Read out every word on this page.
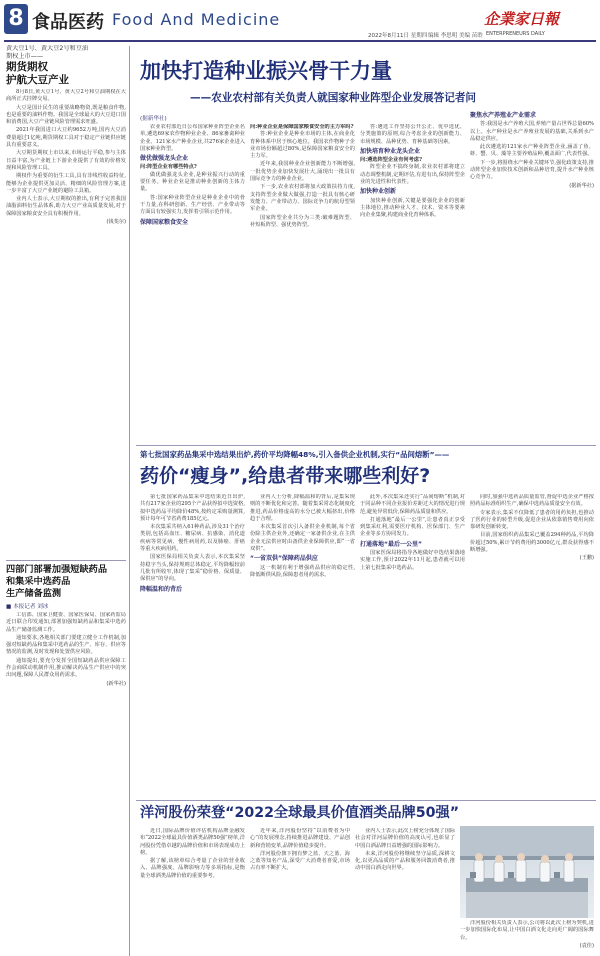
8 食品医药 Food And Medicine	企業家日報
2022年8月11日 星期四 编辑 李思明 美编 苗聆 ENTERPRENEURS DAILY
黄大豆1号、黄大豆2号和豆油
期权上市——
期货期权
护航大豆产业

8月8日,黄大豆1号、黄大豆2号和豆油期权在大商所正式挂牌交易。

大豆是国计民生的重要战略物资,既是粮食作物,也是重要的油料作物。我国是全球最大的大豆进口国和消费国,大豆产业链风险管理需求旺盛。

2021年我国进口大豆约9652万吨,国内大豆消费量超过1亿吨,期货期权工具对于稳定产业链供应链具有重要意义。

大豆期货期权上市以来,市场运行平稳,参与主体日益丰富,为产业链上下游企业提供了有效的价格发现和风险管理工具。

期权作为重要的衍生工具,具有非线性收益特征,能够为企业提供更加灵活、精细的风险管理方案,进一步丰富了大豆产业链的避险工具箱。

业内人士表示,大豆期权的推出,有利于完善我国油脂油料衍生品体系,助力大豆产业高质量发展,对于保障国家粮食安全具有积极作用。

(钱斐尔)
四部门部署加强短缺药品
和集采中选药品
生产储备监测
■ 本报记者 刘冰

工信部、国家卫健委、国家医保局、国家药监局近日联合印发通知,部署加强短缺药品和集采中选药品生产储备监测工作。

通知要求,各地相关部门要建立健全工作机制,加强对短缺药品和集采中选药品的生产、库存、供应等情况的监测,及时发现和处置供应风险。

通知提出,要充分发挥全国短缺药品供应保障工作会商联动机制作用,推动解决药品生产供应中的突出问题,保障人民群众用药需求。

(新华社)
加快打造种业振兴骨干力量
——农业农村部有关负责人就国家种业阵型企业发展答记者问
(据新华社)

农业农村部近日公布国家种业阵型企业名单,遴选69家农作物种业企业、86家畜禽种业企业、121家水产种业企业,共276家企业进入国家种业阵型。

做优做强龙头企业
问:阵型企业有哪些特点?

做优做强龙头企业,是种业振兴行动的重要任务。种业企业是推动种业创新的主体力量。

答:国家种业阵型企业是种业企业中的骨干力量,在科研创新、生产经营、产业带动等方面具有较强实力,发挥着引领示范作用。

保障国家粮食安全
问:种业企业是保障国家粮食安全的主力军吗?

答:种业企业是种业市场的主体,在商业化育种体系中居于核心地位。我国农作物种子企业市场份额超过80%,是保障国家粮食安全的主力军。

近年来,我国种业企业创新能力不断增强,一批优势企业加快发展壮大,涌现出一批具有国际竞争力的种业企业。

下一步,农业农村部将加大政策扶持力度,支持阵型企业做大做强,打造一批具有核心研发能力、产业带动力、国际竞争力的航母型领军企业。

国家阵型企业共分为三类:破难题阵型、补短板阵型、强优势阵型。

答:遴选工作坚持公开公正、优中选优、分类施策的原则,综合考虑企业的创新能力、市场规模、品种优势、育种基础等因素。

加快培育种业龙头企业
问:遴选阵型企业有何考虑?

阵型企业不搞终身制,农业农村部将建立动态调整机制,定期评估,有进有出,保持阵型企业的先进性和代表性。

加快种业创新

加快种业创新,关键是要强化企业的创新主体地位,推动种业人才、技术、资本等要素向企业集聚,构建商业化育种体系。

聚焦水产养殖业产业需求

答:我国是水产养殖大国,养殖产量占世界总量60%以上。水产种业是水产养殖业发展的基础,关系到水产品稳定供应。

此次遴选的121家水产种业阵型企业,涵盖了鱼、虾、蟹、贝、藻等主要养殖品种,覆盖面广,代表性强。

下一步,将围绕水产种业关键环节,强化政策支持,推动阵型企业加快技术创新和品种培育,提升水产种业核心竞争力。

(据新华社)
第七批国家药品集采中选结果出炉,药价平均降幅48%,引入备供企业机制,实行“品间熔断”——
药价“瘦身”,给患者带来哪些利好?

第七批国家药品集采中选结果近日出炉,共有217家企业的295个产品获得拟中选资格,拟中选药品平均降价48%,按约定采购量测算,预计每年可节省药费185亿元。

本次集采共纳入61种药品,涉及31个治疗类别,包括高血压、糖尿病、抗感染、消化道疾病等常见病、慢性病用药,以及肺癌、肝癌等重大疾病用药。

国家医保局相关负责人表示,本次集采坚持稳字当头,保持规则总体稳定,平均降幅较前几批有所收窄,体现了集采“稳价格、保质量、保供应”的导向。

降幅温和的背后

业内人士分析,降幅温和的背后,是集采规则的不断优化和完善。随着集采常态化制度化推进,药品价格虚高的水分已被大幅挤出,价格趋于合理。

本次集采首次引入备供企业机制,每个省份除主供企业外,还确定一家备供企业,在主供企业无法供应时由备供企业保障供应,即“一省双供”。

“一省双供”保障药品供应

这一机制有利于增强药品供应的稳定性,降低断供风险,保障患者用药需求。

此外,本次集采还实行“品间熔断”机制,对于同品种不同企业报价差距过大的情况进行规范,避免异常低价,保障药品质量和供应。

打通落地“最后一公里”,让患者真正享受到集采红利,需要医疗机构、医保部门、生产企业等多方协同发力。

打通落地“最后一公里”

国家医保局将指导各地做好中选结果落地实施工作,预计2022年11月起,患者就可以用上第七批集采中选药品。

同时,加强中选药品质量监管,督促中选企业严格按照药品标准组织生产,确保中选药品质量安全有效。

专家表示,集采不仅降低了患者的用药负担,也推动了医药行业的转型升级,促进企业从依靠销售费用向依靠研发创新转变。

目前,国家组织药品集采已覆盖294种药品,平均降价超过50%,累计节约费用约3000亿元,群众获得感不断增强。

(王鹏)
洋河股份荣登“2022全球最具价值酒类品牌50强”

近日,国际品牌价值评估机构品牌金融发布“2022全球最具价值酒类品牌50强”榜单,洋河股份凭借卓越的品牌价值和市场表现成功上榜。

据了解,该榜单综合考量了企业的营业收入、品牌强度、品牌影响力等多项指标,是衡量全球酒类品牌价值的重要参考。

近年来,洋河股份坚持“以消费者为中心”的发展理念,持续推进品牌建设、产品创新和营销变革,品牌价值稳步提升。

洋河股份旗下拥有梦之蓝、天之蓝、海之蓝等知名产品,深受广大消费者喜爱,市场占有率不断扩大。

业内人士表示,此次上榜充分体现了国际社会对洋河品牌价值的高度认可,也彰显了中国白酒品牌日益增强的国际影响力。

未来,洋河股份将继续坚守品质,深耕文化,以更高品质的产品和服务回馈消费者,推动中国白酒走向世界。

洋河股份相关负责人表示,公司将以此次上榜为契机,进一步加快国际化布局,让中国白酒文化走向更广阔的国际舞台。

(袁佳)
